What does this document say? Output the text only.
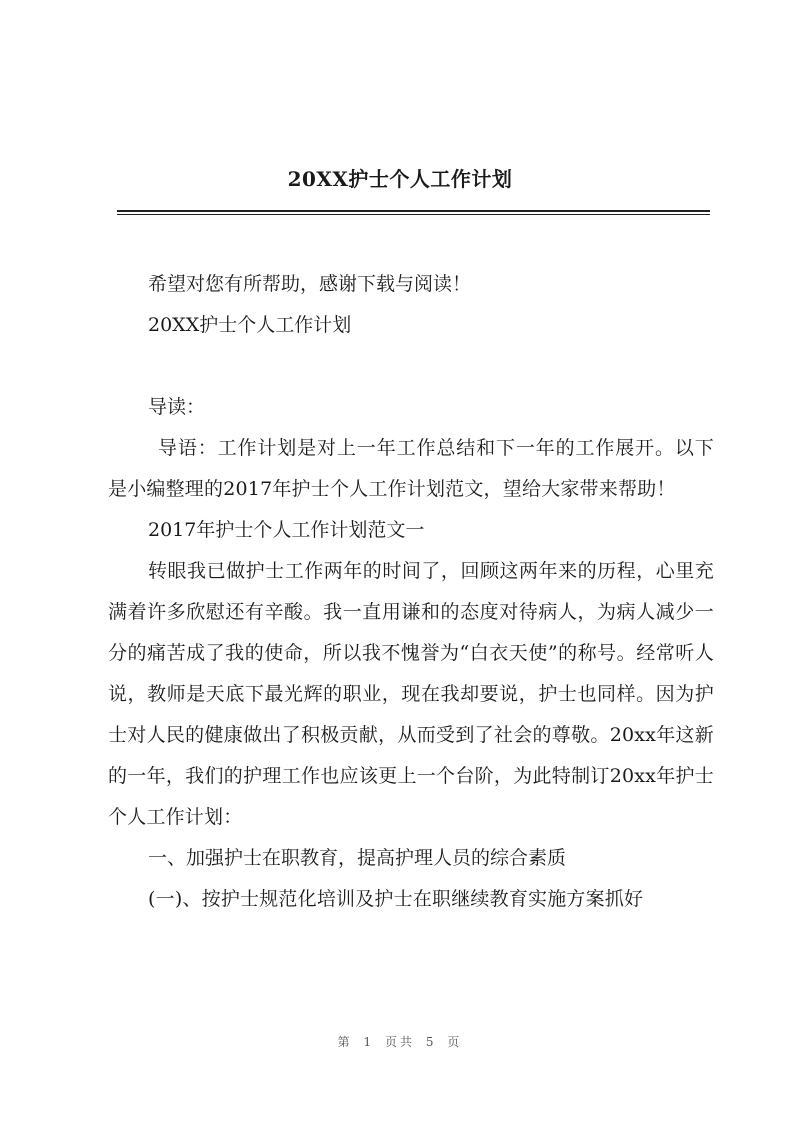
20XX护士个人工作计划

希望对您有所帮助，感谢下载与阅读！

20XX护士个人工作计划

导读：

导语：工作计划是对上一年工作总结和下一年的工作展开。以下是小编整理的2017年护士个人工作计划范文，望给大家带来帮助！

2017年护士个人工作计划范文一

转眼我已做护士工作两年的时间了，回顾这两年来的历程，心里充满着许多欣慰还有辛酸。我一直用谦和的态度对待病人，为病人减少一分的痛苦成了我的使命，所以我不愧誉为“白衣天使”的称号。经常听人说，教师是天底下最光辉的职业，现在我却要说，护士也同样。因为护士对人民的健康做出了积极贡献，从而受到了社会的尊敬。20xx年这新的一年，我们的护理工作也应该更上一个台阶，为此特制订20xx年护士个人工作计划：

一、加强护士在职教育，提高护理人员的综合素质

(一)、按护士规范化培训及护士在职继续教育实施方案抓好

第 1 页共 5 页
